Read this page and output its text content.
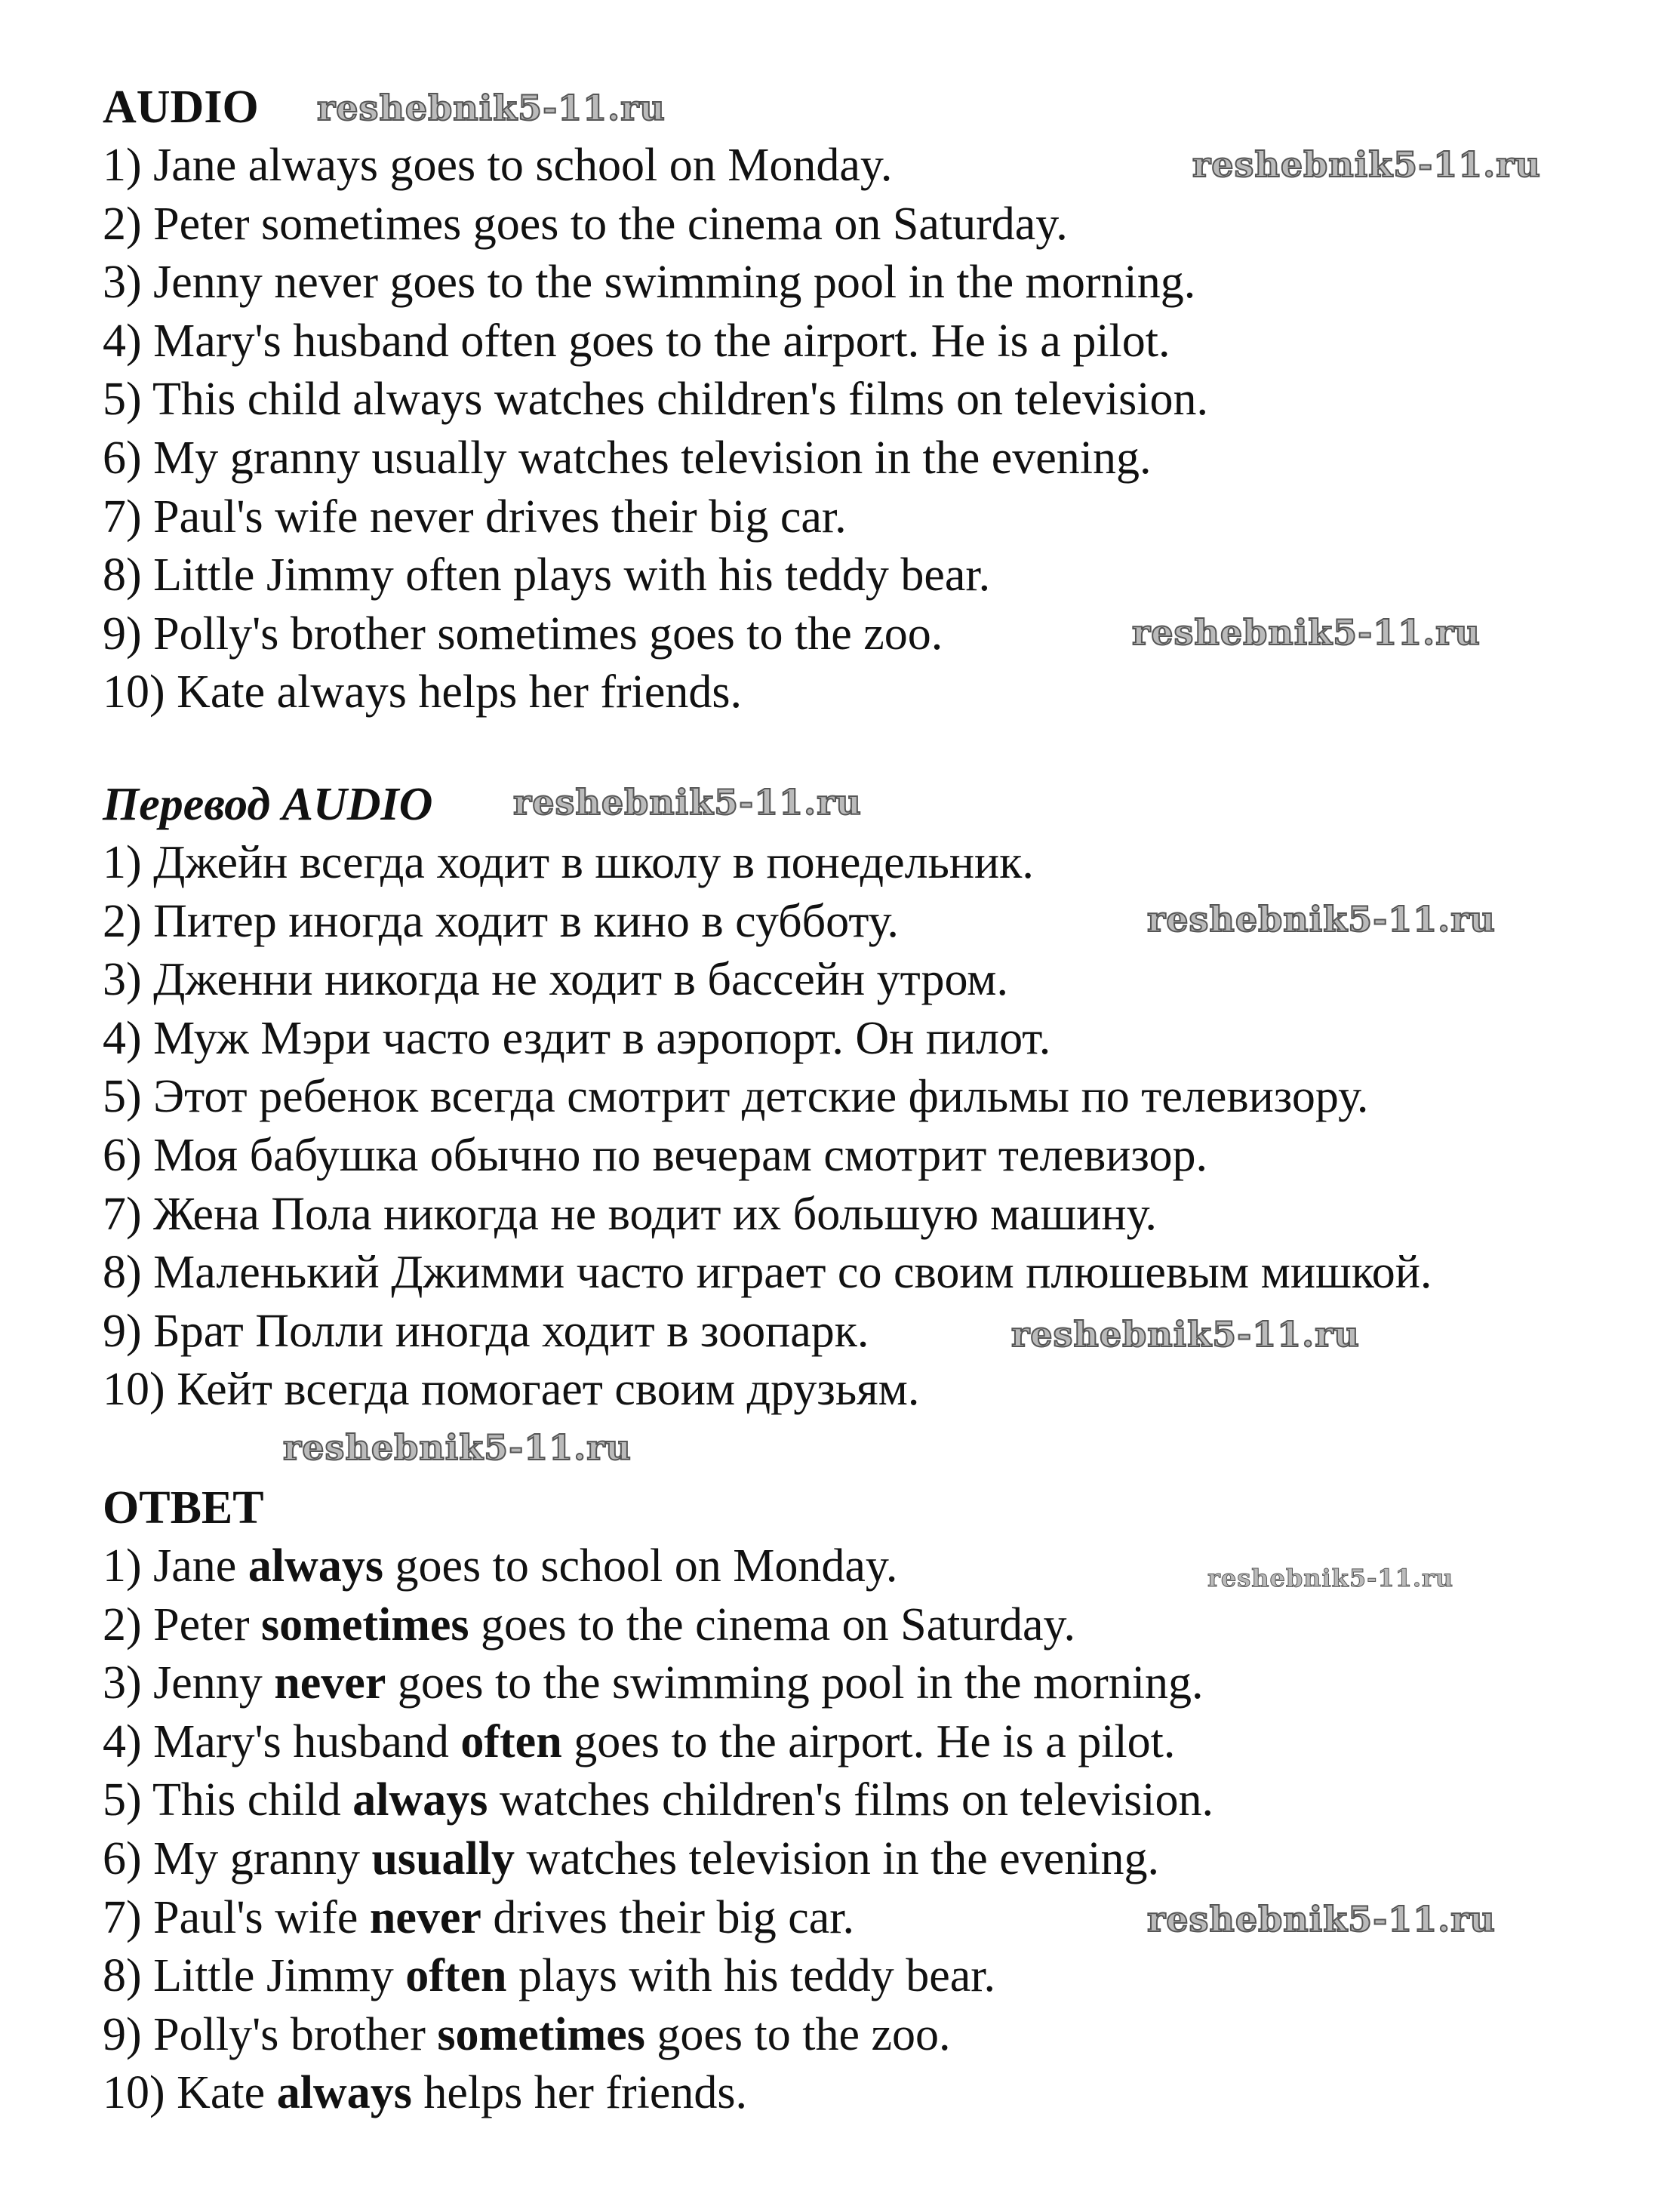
AUDIO
1) Jane always goes to school on Monday.
2) Peter sometimes goes to the cinema on Saturday.
3) Jenny never goes to the swimming pool in the morning.
4) Mary's husband often goes to the airport. He is a pilot.
5) This child always watches children's films on television.
6) My granny usually watches television in the evening.
7) Paul's wife never drives their big car.
8) Little Jimmy often plays with his teddy bear.
9) Polly's brother sometimes goes to the zoo.
10) Kate always helps her friends.
Перевод AUDIO
1) Джейн всегда ходит в школу в понедельник.
2) Питер иногда ходит в кино в субботу.
3) Дженни никогда не ходит в бассейн утром.
4) Муж Мэри часто ездит в аэропорт. Он пилот.
5) Этот ребенок всегда смотрит детские фильмы по телевизору.
6) Моя бабушка обычно по вечерам смотрит телевизор.
7) Жена Пола никогда не водит их большую машину.
8) Маленький Джимми часто играет со своим плюшевым мишкой.
9) Брат Полли иногда ходит в зоопарк.
10) Кейт всегда помогает своим друзьям.
ОТВЕТ
1) Jane always goes to school on Monday.
2) Peter sometimes goes to the cinema on Saturday.
3) Jenny never goes to the swimming pool in the morning.
4) Mary's husband often goes to the airport. He is a pilot.
5) This child always watches children's films on television.
6) My granny usually watches television in the evening.
7) Paul's wife never drives their big car.
8) Little Jimmy often plays with his teddy bear.
9) Polly's brother sometimes goes to the zoo.
10) Kate always helps her friends.
reshebnik5-11.ru
reshebnik5-11.ru
reshebnik5-11.ru
reshebnik5-11.ru
reshebnik5-11.ru
reshebnik5-11.ru
reshebnik5-11.ru
reshebnik5-11.ru
reshebnik5-11.ru
